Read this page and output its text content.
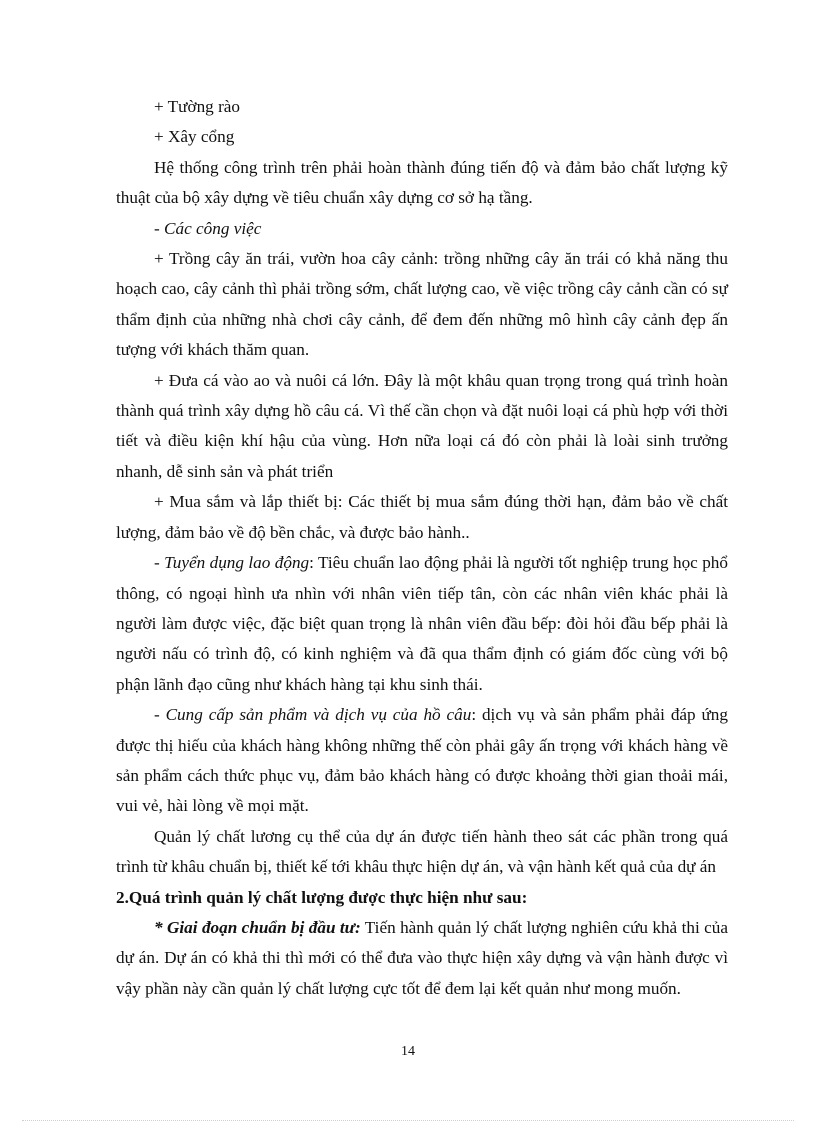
+ Tường rào

+ Xây cổng

Hệ thống công trình trên phải hoàn thành đúng tiến độ và đảm bảo chất lượng kỹ thuật của bộ xây dựng về tiêu chuẩn xây dựng cơ sở hạ tầng.

- Các công việc

+ Trồng cây ăn trái, vườn hoa cây cảnh: trồng những cây ăn trái có khả năng thu hoạch cao, cây cảnh thì phải trồng sớm, chất lượng cao, về việc trồng cây cảnh cần có sự thẩm định của những nhà chơi cây cảnh, để đem đến những mô hình cây cảnh đẹp ấn tượng với khách thăm quan.

+ Đưa cá vào ao và nuôi cá lớn. Đây là một khâu quan trọng trong quá trình hoàn thành quá trình xây dựng hồ câu cá. Vì thế cần chọn và đặt nuôi loại cá phù hợp với thời tiết và điều kiện khí hậu của vùng. Hơn nữa loại cá đó còn phải là loài sinh trưởng nhanh, dễ sinh sản và phát triển

+ Mua sắm và lắp thiết bị: Các thiết bị mua sắm đúng thời hạn, đảm bảo về chất lượng, đảm bảo về độ bền chắc, và được bảo hành..

- Tuyển dụng lao động: Tiêu chuẩn lao động phải là người tốt nghiệp trung học phổ thông, có ngoại hình ưa nhìn với nhân viên tiếp tân, còn các nhân viên khác phải là người làm được việc, đặc biệt quan trọng là nhân viên đầu bếp: đòi hỏi đầu bếp phải là người nấu có trình độ, có kinh nghiệm và đã qua thẩm định có giám đốc cùng với bộ phận lãnh đạo cũng như khách hàng tại khu sinh thái.

- Cung cấp sản phẩm và dịch vụ của hồ câu: dịch vụ và sản phẩm phải đáp ứng được thị hiếu của khách hàng không những thế còn phải gây ấn trọng với khách hàng về sản phẩm cách thức phục vụ, đảm bảo khách hàng có được khoảng thời gian thoải mái, vui vẻ, hài lòng về mọi mặt.

Quản lý chất lương cụ thể của dự án được tiến hành theo sát các phần trong quá trình từ khâu chuẩn bị, thiết kế tới khâu thực hiện dự án, và vận hành kết quả của dự án

2.Quá trình quản lý chất lượng được thực hiện như sau:

* Giai đoạn chuẩn bị đầu tư: Tiến hành quản lý chất lượng nghiên cứu khả thi của dự án. Dự án có khả thi thì mới có thể đưa vào thực hiện xây dựng và vận hành được vì vậy phần này cần quản lý chất lượng cực tốt để đem lại kết quản như mong muốn.

14
